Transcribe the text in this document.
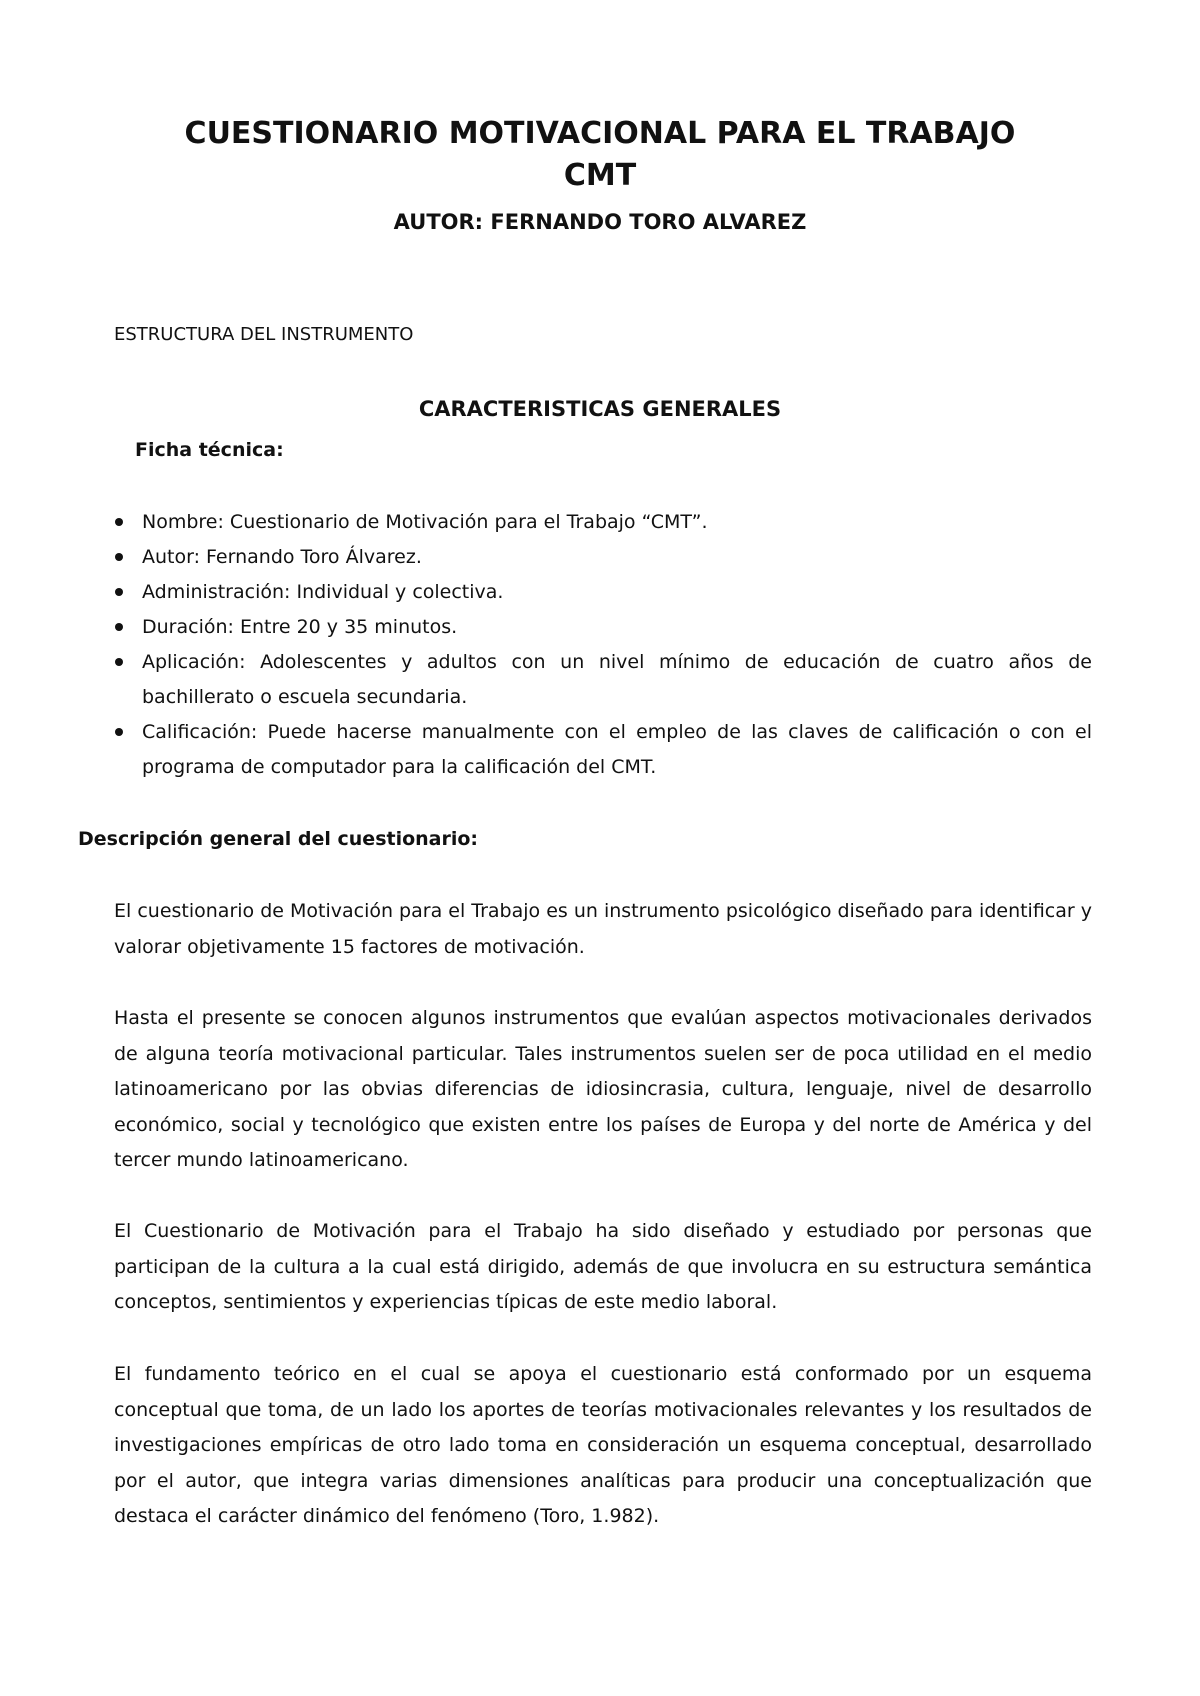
CUESTIONARIO MOTIVACIONAL PARA EL TRABAJO
CMT

AUTOR: FERNANDO TORO ALVAREZ

ESTRUCTURA DEL INSTRUMENTO

CARACTERISTICAS GENERALES

Ficha técnica:

Nombre: Cuestionario de Motivación para el Trabajo “CMT”.
Autor: Fernando Toro Álvarez.
Administración: Individual y colectiva.
Duración: Entre 20 y 35 minutos.
Aplicación: Adolescentes y adultos con un nivel mínimo de educación de cuatro años de bachillerato o escuela secundaria.
Calificación: Puede hacerse manualmente con el empleo de las claves de calificación o con el programa de computador para la calificación del CMT.

Descripción general del cuestionario:

El cuestionario de Motivación para el Trabajo es un instrumento psicológico diseñado para identificar y valorar objetivamente 15 factores de motivación.

Hasta el presente se conocen algunos instrumentos que evalúan aspectos motivacionales derivados de alguna teoría motivacional particular. Tales instrumentos suelen ser de poca utilidad en el medio latinoamericano por las obvias diferencias de idiosincrasia, cultura, lenguaje, nivel de desarrollo económico, social y tecnológico que existen entre los países de Europa y del norte de América y del tercer mundo latinoamericano.

El Cuestionario de Motivación para el Trabajo ha sido diseñado y estudiado por personas que participan de la cultura a la cual está dirigido, además de que involucra en su estructura semántica conceptos, sentimientos y experiencias típicas de este medio laboral.

El fundamento teórico en el cual se apoya el cuestionario está conformado por un esquema conceptual que toma, de un lado los aportes de teorías motivacionales relevantes y los resultados de investigaciones empíricas de otro lado toma en consideración un esquema conceptual, desarrollado por el autor, que integra varias dimensiones analíticas para producir una conceptualización que destaca el carácter dinámico del fenómeno (Toro, 1.982).
